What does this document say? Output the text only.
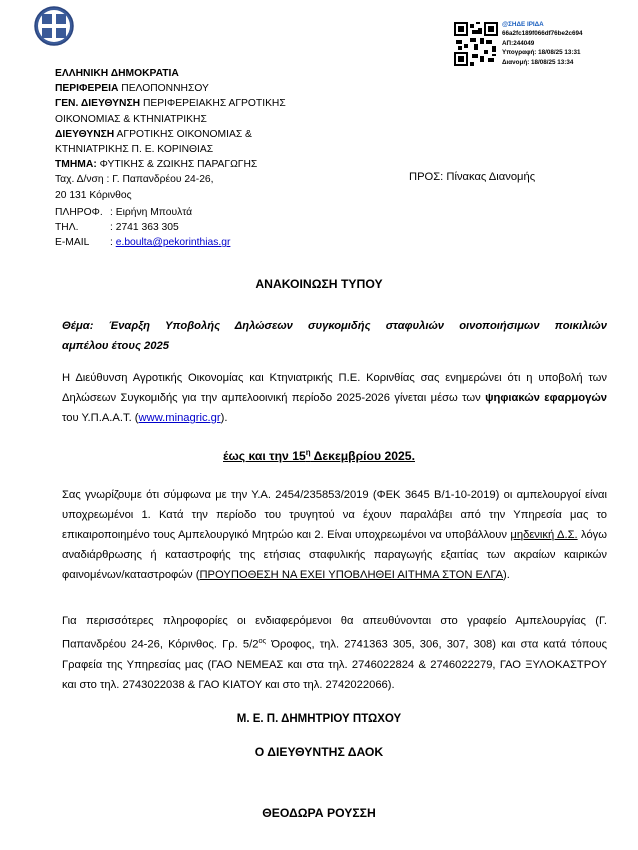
@ΣΗΔΕ ΙΡΙΔΑ
66a2fc189f066df76be2c694
ΑΠ:244049
Υπογραφή: 18/08/25 13:31
Διανομή: 18/08/25 13:34
ΕΛΛΗΝΙΚΗ ΔΗΜΟΚΡΑΤΙΑ
ΠΕΡΙΦΕΡΕΙΑ ΠΕΛΟΠΟΝΝΗΣΟΥ
ΓΕΝ. ΔΙΕΥΘΥΝΣΗ ΠΕΡΙΦΕΡΕΙΑΚΗΣ ΑΓΡΟΤΙΚΗΣ
ΟΙΚΟΝΟΜΙΑΣ & ΚΤΗΝΙΑΤΡΙΚΗΣ
ΔΙΕΥΘΥΝΣΗ ΑΓΡΟΤΙΚΗΣ ΟΙΚΟΝΟΜΙΑΣ &
ΚΤΗΝΙΑΤΡΙΚΗΣ Π. Ε. ΚΟΡΙΝΘΙΑΣ
ΤΜΗΜΑ: ΦΥΤΙΚΗΣ & ΖΩΙΚΗΣ ΠΑΡΑΓΩΓΗΣ
Ταχ. Δ/νση : Γ. Παπανδρέου 24-26,
20 131 Κόρινθος
ΠΛΗΡΟΦ. : Ειρήνη Μπουλτά
ΤΗΛ.	: 2741 363 305
E-MAIL : e.boulta@pekorinthias.gr
ΠΡΟΣ: Πίνακας Διανομής
ΑΝΑΚΟΙΝΩΣΗ ΤΥΠΟΥ
Θέμα: Έναρξη Υποβολής Δηλώσεων συγκομιδής σταφυλιών οινοποιήσιμων ποικιλιών
αμπέλου έτους 2025
Η Διεύθυνση Αγροτικής Οικονομίας και Κτηνιατρικής Π.Ε. Κορινθίας σας ενημερώνει ότι η υποβολή των Δηλώσεων Συγκομιδής για την αμπελοοινική περίοδο 2025-2026 γίνεται μέσω των ψηφιακών εφαρμογών του Υ.Π.Α.Α.Τ. (www.minagric.gr).
έως και την $15^\eta$ Δεκεμβρίου 2025.
Σας γνωρίζουμε ότι σύμφωνα με την Υ.Α. 2454/235853/2019 (ΦΕΚ 3645 Β/1-10-2019) οι αμπελουργοί είναι υποχρεωμένοι 1. Κατά την περίοδο του τρυγητού να έχουν παραλάβει από την Υπηρεσία μας το επικαιροποιημένο τους Αμπελουργικό Μητρώο και 2. Είναι υποχρεωμένοι να υποβάλλουν μηδενική Δ.Σ. λόγω αναδιάρθρωσης ή καταστροφής της ετήσιας σταφυλικής παραγωγής εξαιτίας των ακραίων καιρικών φαινομένων/καταστροφών (ΠΡΟΥΠΟΘΕΣΗ ΝΑ ΕΧΕΙ ΥΠΟΒΛΗΘΕΙ ΑΙΤΗΜΑ ΣΤΟΝ ΕΛΓΑ).
Για περισσότερες πληροφορίες οι ενδιαφερόμενοι θα απευθύνονται στο γραφείο Αμπελουργίας (Γ. Παπανδρέου 24-26, Κόρινθος. Γρ. $5/2^{o\varsigma}$ Όροφος, τηλ. 2741363 305, 306, 307, 308) και στα κατά τόπους Γραφεία της Υπηρεσίας μας (ΓΑΟ ΝΕΜΕΑΣ και στα τηλ. 2746022824 & 2746022279, ΓΑΟ ΞΥΛΟΚΑΣΤΡΟΥ και στο τηλ. 2743022038 & ΓΑΟ ΚΙΑΤΟΥ και στο τηλ. 2742022066).
Μ. Ε. Π. ΔΗΜΗΤΡΙΟΥ ΠΤΩΧΟΥ
Ο ΔΙΕΥΘΥΝΤΗΣ ΔΑΟΚ
ΘΕΟΔΩΡΑ ΡΟΥΣΣΗ
